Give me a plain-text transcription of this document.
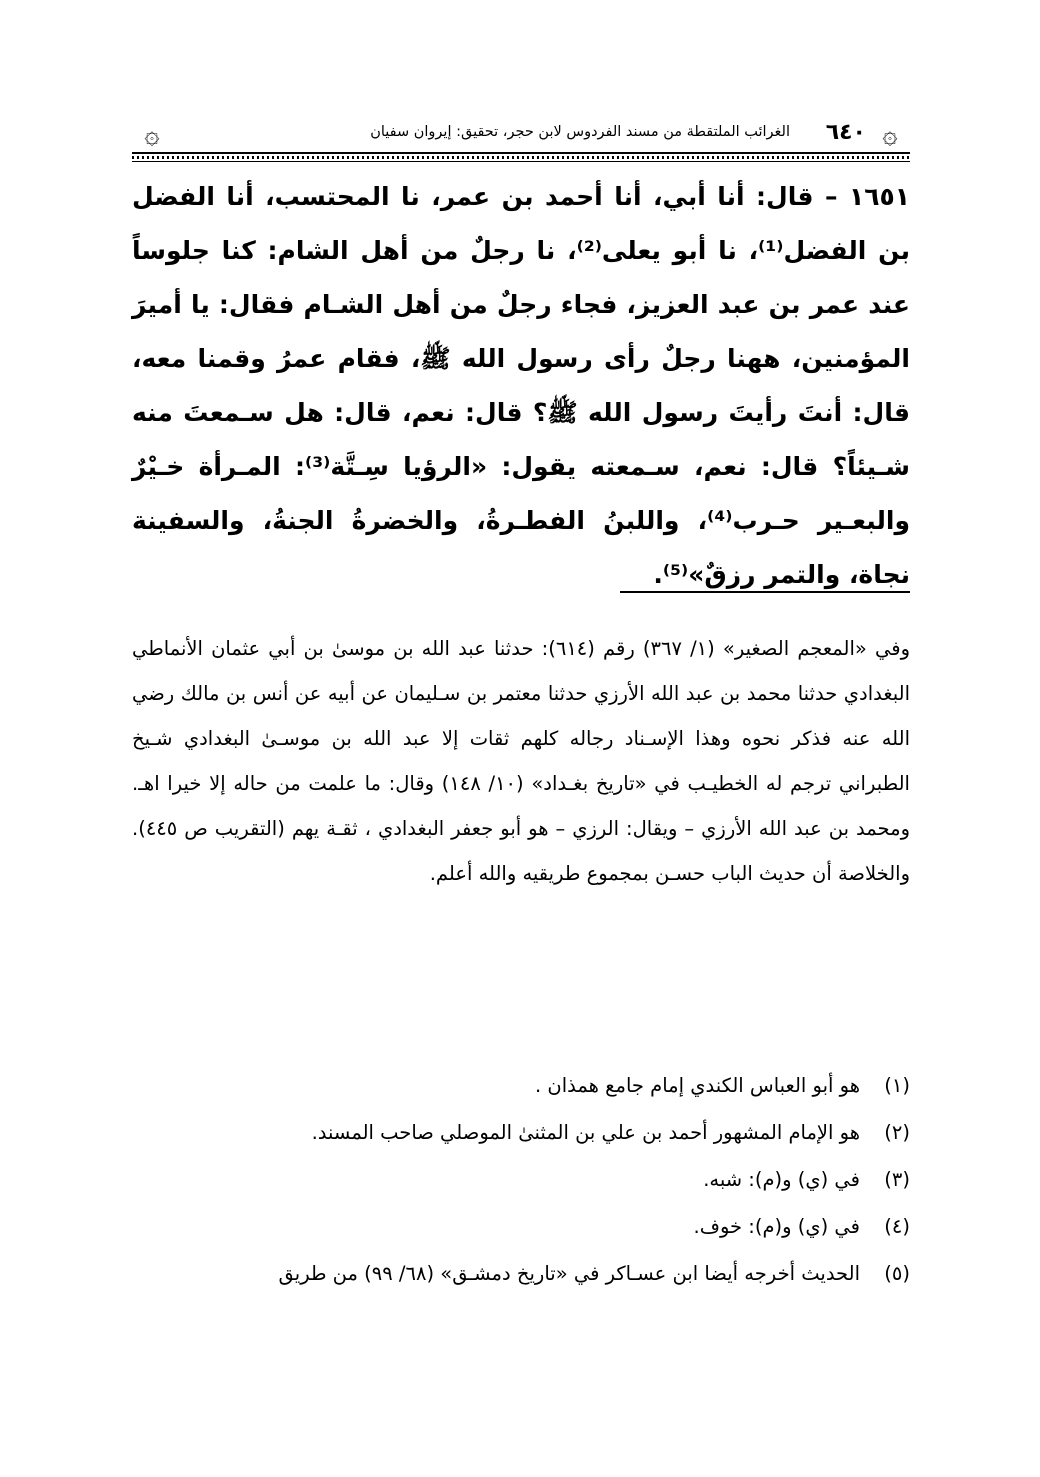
۞
٦٤٠
الغرائب الملتقطة من مسند الفردوس لابن حجر، تحقيق: إيروان سفيان
۞

١٦٥١ – قال: أنا أبي، أنا أحمد بن عمر، نا المحتسب، أنا الفضل بن الفضل⁽¹⁾، نا أبو يعلى⁽²⁾، نا رجلٌ من أهل الشام: كنا جلوساً عند عمر بن عبد العزيز، فجاء رجلٌ من أهل الشـام فقال: يا أميرَ المؤمنين، ههنا رجلٌ رأى رسول الله ﷺ، فقام عمرُ وقمنا معه، قال: أنتَ رأيتَ رسول الله ﷺ؟ قال: نعم، قال: هل سـمعتَ منه شـيئاً؟ قال: نعم، سـمعته يقول: «الرؤيا سِـتَّة⁽³⁾: المـرأة خـيْرٌ والبعـير حـرب⁽⁴⁾، واللبنُ الفطـرةُ، والخضرةُ الجنةُ، والسفينة نجاة، والتمر رزقٌ»⁽⁵⁾.

وفي «المعجم الصغير» (١/ ٣٦٧) رقم (٦١٤): حدثنا عبد الله بن موسىٰ بن أبي عثمان الأنماطي البغدادي حدثنا محمد بن عبد الله الأرزي حدثنا معتمر بن سـليمان عن أبيه عن أنس بن مالك رضي الله عنه فذكر نحوه وهذا الإسـناد رجاله كلهم ثقات إلا عبد الله بن موسـىٰ البغدادي شـيخ الطبراني ترجم له الخطيـب في «تاريخ بغـداد» (١٠/ ١٤٨) وقال: ما علمت من حاله إلا خيرا اهـ. ومحمد بن عبد الله الأرزي – ويقال: الرزي – هو أبو جعفر البغدادي ، ثقـة يهم (التقريب ص ٤٤٥). والخلاصة أن حديث الباب حسـن بمجموع طريقيه والله أعلم.

(١)هو أبو العباس الكندي إمام جامع همذان .
(٢)هو الإمام المشهور أحمد بن علي بن المثنىٰ الموصلي صاحب المسند.
(٣)في (ي) و(م): شبه.
(٤)في (ي) و(م): خوف.
(٥)الحديث أخرجه أيضا ابن عسـاكر في «تاريخ دمشـق» (٦٨/ ٩٩) من طريق
